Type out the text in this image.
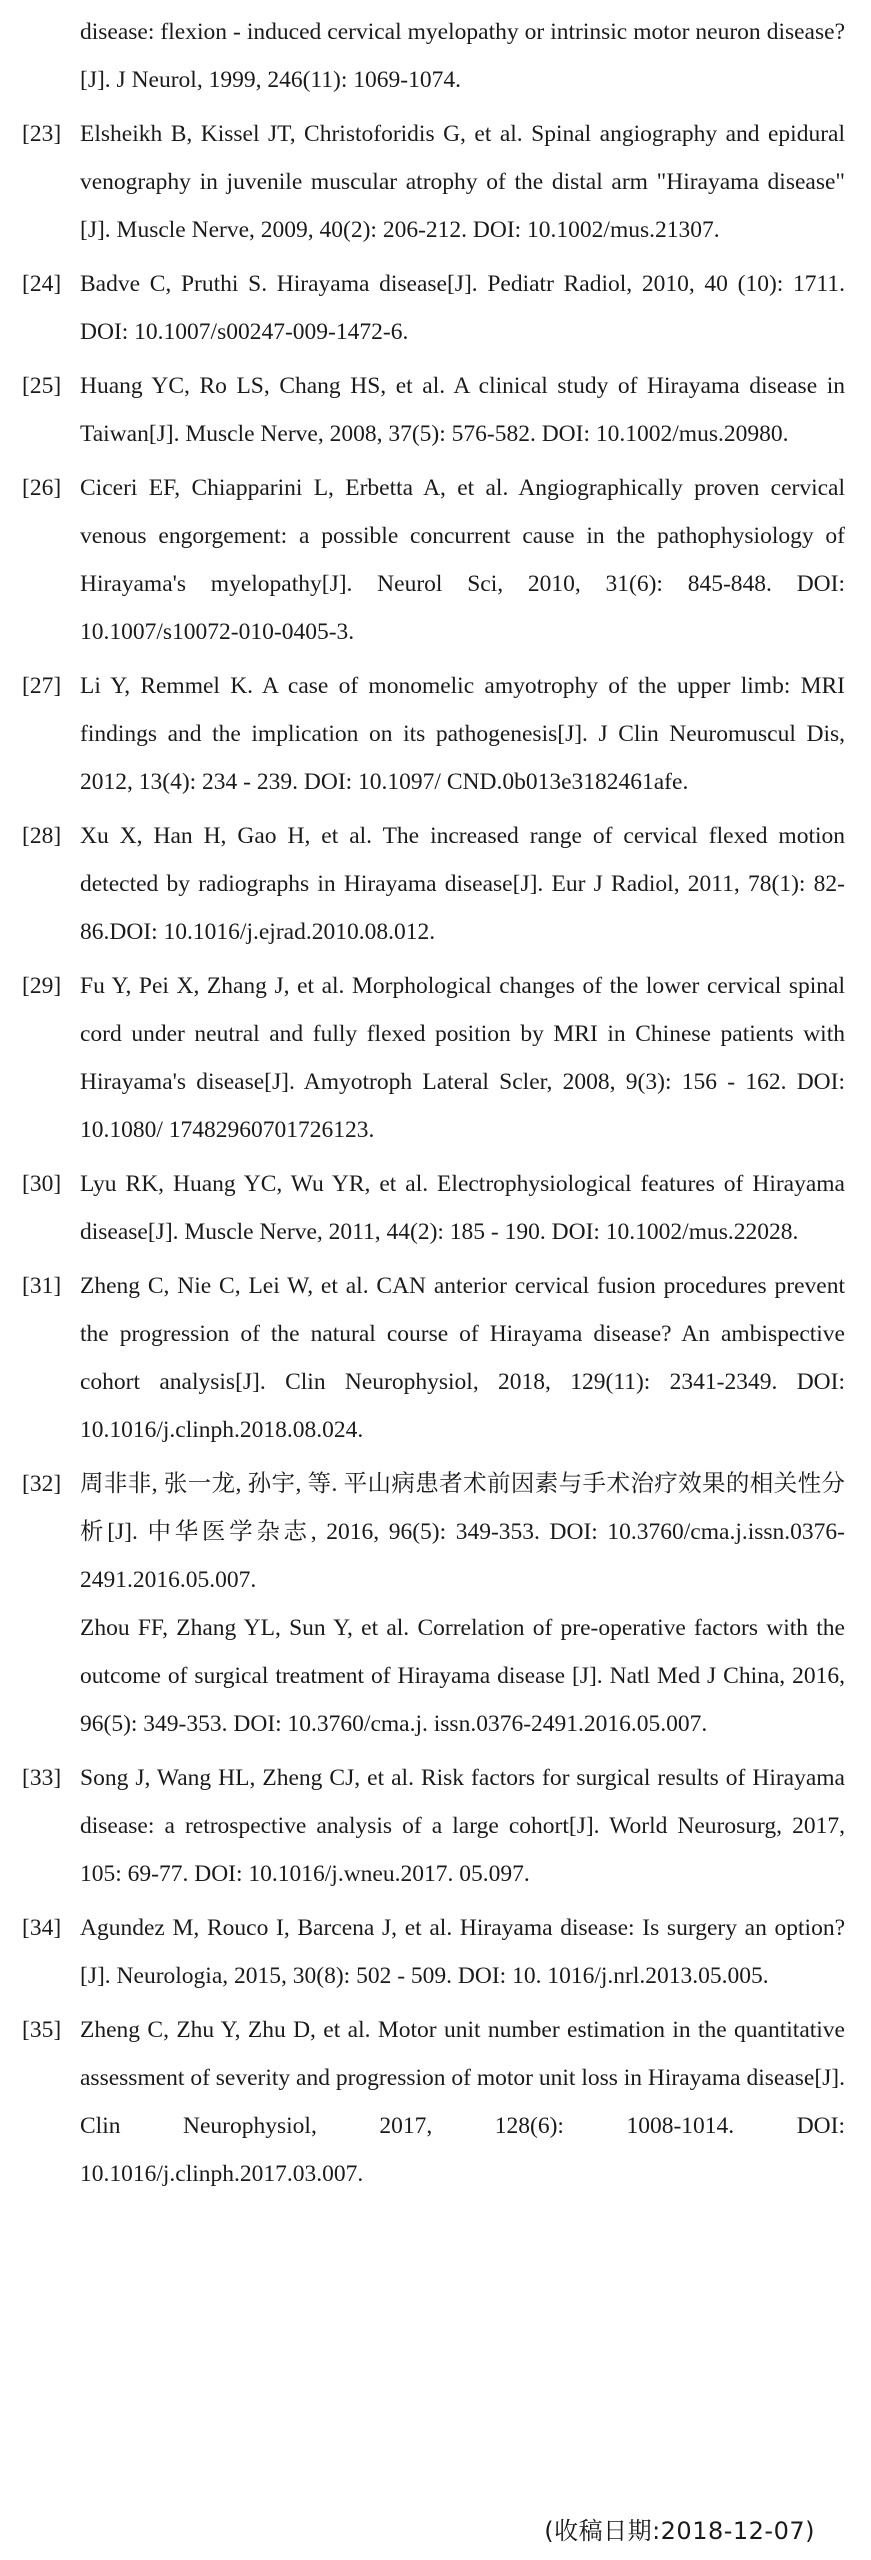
disease: flexion - induced cervical myelopathy or intrinsic motor neuron disease?[J]. J Neurol, 1999, 246(11): 1069-1074.
[23] Elsheikh B, Kissel JT, Christoforidis G, et al. Spinal angiography and epidural venography in juvenile muscular atrophy of the distal arm "Hirayama disease"[J]. Muscle Nerve, 2009, 40(2): 206-212. DOI: 10.1002/mus.21307.
[24] Badve C, Pruthi S. Hirayama disease[J]. Pediatr Radiol, 2010, 40 (10): 1711. DOI: 10.1007/s00247-009-1472-6.
[25] Huang YC, Ro LS, Chang HS, et al. A clinical study of Hirayama disease in Taiwan[J]. Muscle Nerve, 2008, 37(5): 576-582. DOI: 10.1002/mus.20980.
[26] Ciceri EF, Chiapparini L, Erbetta A, et al. Angiographically proven cervical venous engorgement: a possible concurrent cause in the pathophysiology of Hirayama's myelopathy[J]. Neurol Sci, 2010, 31(6): 845-848. DOI: 10.1007/s10072-010-0405-3.
[27] Li Y, Remmel K. A case of monomelic amyotrophy of the upper limb: MRI findings and the implication on its pathogenesis[J]. J Clin Neuromuscul Dis, 2012, 13(4): 234 - 239. DOI: 10.1097/ CND.0b013e3182461afe.
[28] Xu X, Han H, Gao H, et al. The increased range of cervical flexed motion detected by radiographs in Hirayama disease[J]. Eur J Radiol, 2011, 78(1): 82-86.DOI: 10.1016/j.ejrad.2010.08.012.
[29] Fu Y, Pei X, Zhang J, et al. Morphological changes of the lower cervical spinal cord under neutral and fully flexed position by MRI in Chinese patients with Hirayama's disease[J]. Amyotroph Lateral Scler, 2008, 9(3): 156 - 162. DOI: 10.1080/ 17482960701726123.
[30] Lyu RK, Huang YC, Wu YR, et al. Electrophysiological features of Hirayama disease[J]. Muscle Nerve, 2011, 44(2): 185 - 190. DOI: 10.1002/mus.22028.
[31] Zheng C, Nie C, Lei W, et al. CAN anterior cervical fusion procedures prevent the progression of the natural course of Hirayama disease? An ambispective cohort analysis[J]. Clin Neurophysiol, 2018, 129(11): 2341-2349. DOI: 10.1016/j.clinph.2018.08.024.
[32] 周非非, 张一龙, 孙宇, 等. 平山病患者术前因素与手术治疗效果的相关性分析[J]. 中华医学杂志, 2016, 96(5): 349-353. DOI: 10.3760/cma.j.issn.0376-2491.2016.05.007.
Zhou FF, Zhang YL, Sun Y, et al. Correlation of pre-operative factors with the outcome of surgical treatment of Hirayama disease [J]. Natl Med J China, 2016, 96(5): 349-353. DOI: 10.3760/cma.j. issn.0376-2491.2016.05.007.
[33] Song J, Wang HL, Zheng CJ, et al. Risk factors for surgical results of Hirayama disease: a retrospective analysis of a large cohort[J]. World Neurosurg, 2017, 105: 69-77. DOI: 10.1016/j.wneu.2017. 05.097.
[34] Agundez M, Rouco I, Barcena J, et al. Hirayama disease: Is surgery an option?[J]. Neurologia, 2015, 30(8): 502 - 509. DOI: 10. 1016/j.nrl.2013.05.005.
[35] Zheng C, Zhu Y, Zhu D, et al. Motor unit number estimation in the quantitative assessment of severity and progression of motor unit loss in Hirayama disease[J]. Clin Neurophysiol, 2017, 128(6): 1008-1014. DOI: 10.1016/j.clinph.2017.03.007.
(收稿日期:2018-12-07)
